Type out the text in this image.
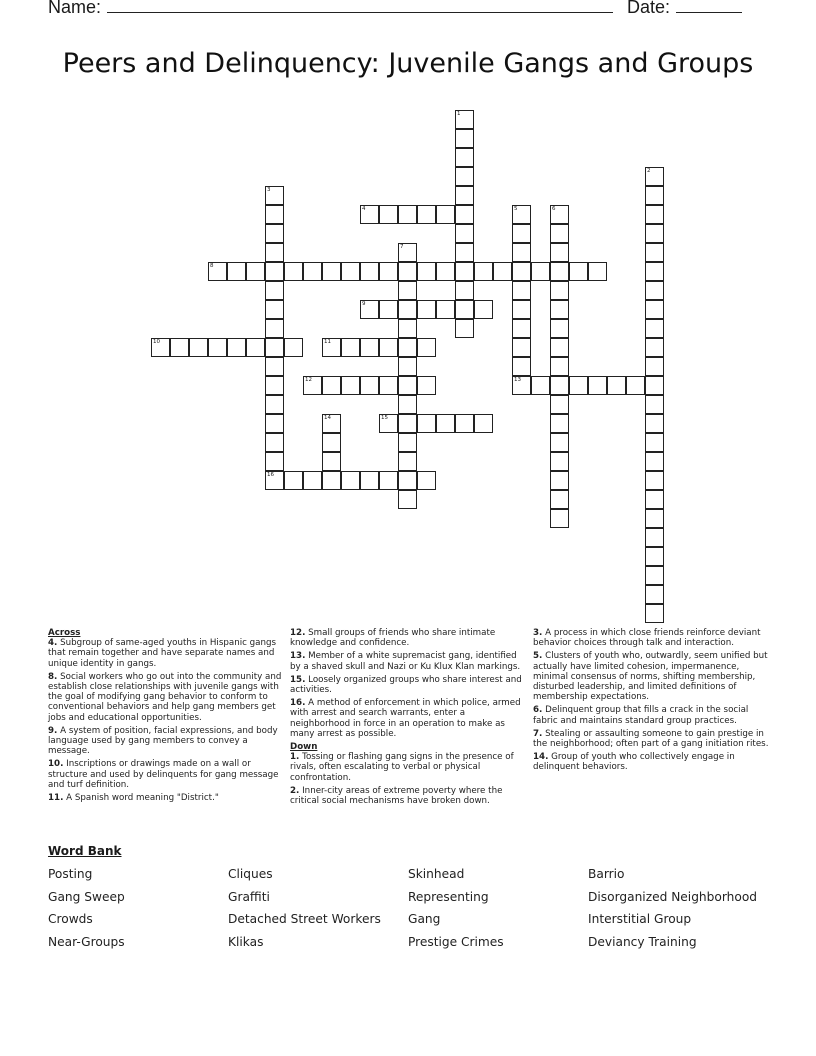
Name:	Date:
Peers and Delinquency: Juvenile Gangs and Groups
1
2
3
16
4	5
13
6
7
8
9
10	11
12
14	15
Across
4. Subgroup of same-aged youths in Hispanic gangs that remain together and have separate names and unique identity in gangs.
8. Social workers who go out into the community and establish close relationships with juvenile gangs with the goal of modifying gang behavior to conform to conventional behaviors and help gang members get jobs and educational opportunities.
9. A system of position, facial expressions, and body language used by gang members to convey a message.
10. Inscriptions or drawings made on a wall or structure and used by delinquents for gang message and turf definition.
11. A Spanish word meaning "District."
12. Small groups of friends who share intimate knowledge and confidence.
13. Member of a white supremacist gang, identified by a shaved skull and Nazi or Ku Klux Klan markings.
15. Loosely organized groups who share interest and activities.
16. A method of enforcement in which police, armed with arrest and search warrants, enter a neighborhood in force in an operation to make as many arrest as possible.
Down
1. Tossing or flashing gang signs in the presence of rivals, often escalating to verbal or physical confrontation.
2. Inner-city areas of extreme poverty where the critical social mechanisms have broken down.
3. A process in which close friends reinforce deviant behavior choices through talk and interaction.
5. Clusters of youth who, outwardly, seem unified but actually have limited cohesion, impermanence, minimal consensus of norms, shifting membership, disturbed leadership, and limited definitions of membership expectations.
6. Delinquent group that fills a crack in the social fabric and maintains standard group practices.
7. Stealing or assaulting someone to gain prestige in the neighborhood; often part of a gang initiation rites.
14. Group of youth who collectively engage in delinquent behaviors.
Word Bank
Posting	Cliques	Skinhead	Barrio
Gang Sweep	Graffiti	Representing	Disorganized Neighborhood
Crowds	Detached Street Workers	Gang	Interstitial Group
Near-Groups	Klikas	Prestige Crimes	Deviancy Training
